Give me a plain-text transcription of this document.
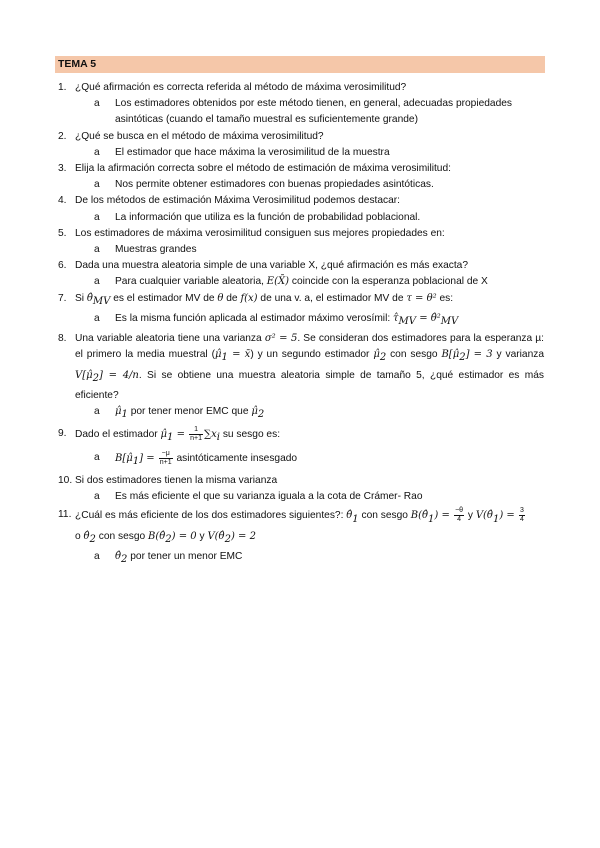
TEMA 5
1. ¿Qué afirmación es correcta referida al método de máxima verosimilitud?
a Los estimadores obtenidos por este método tienen, en general, adecuadas propiedades asintóticas (cuando el tamaño muestral es suficientemente grande)
2. ¿Qué se busca en el método de máxima verosimilitud?
a El estimador que hace máxima la verosimilitud de la muestra
3. Elija la afirmación correcta sobre el método de estimación de máxima verosimilitud:
a Nos permite obtener estimadores con buenas propiedades asintóticas.
4. De los métodos de estimación Máxima Verosimilitud podemos destacar:
a La información que utiliza es la función de probabilidad poblacional.
5. Los estimadores de máxima verosimilitud consiguen sus mejores propiedades en:
a Muestras grandes
6. Dada una muestra aleatoria simple de una variable X, ¿qué afirmación es más exacta?
a Para cualquier variable aleatoria, E(X̄) coincide con la esperanza poblacional de X
7. Si $\thetâ_{MV}$ es el estimador MV de θ de f(x) de una v. a, el estimador MV de τ = θ² es:
a Es la misma función aplicada al estimador máximo verosímil: $\taû_{MV}$ = $\thetâ^2_{MV}$
8. Una variable aleatoria tiene una varianza σ² = 5. Se consideran dos estimadores para la esperanza µ: el primero la media muestral ($\mû_1$ = x̄) y un segundo estimador $\mû_2$ con sesgo $B[\mû_2] = 3$ y varianza $V[\mû_2] = 4/n$. Si se obtiene una muestra aleatoria simple de tamaño 5, ¿qué estimador es más eficiente?
a $\mû_1$ por tener menor EMC que $\mû_2$
9. Dado el estimador $\mû_1 = \frac{1}{n+1} \sum x_i$ su sesgo es:
a $B[\mû_1] = \frac{-\mu}{n+1}$ asintóticamente insesgado
10. Si dos estimadores tienen la misma varianza
a Es más eficiente el que su varianza iguala a la cota de Crámer- Rao
11. ¿Cuál es más eficiente de los dos estimadores siguientes?: $\thetâ_1$ con sesgo $B(\thetâ_1) = \frac{-\theta}{4}$ y $V(\thetâ_1) = \frac{3}{4}$

o $\thetâ_2$ con sesgo $B(\thetâ_2) = 0$ y $V(\thetâ_2) = 2$
a $\thetâ_2$ por tener un menor EMC
